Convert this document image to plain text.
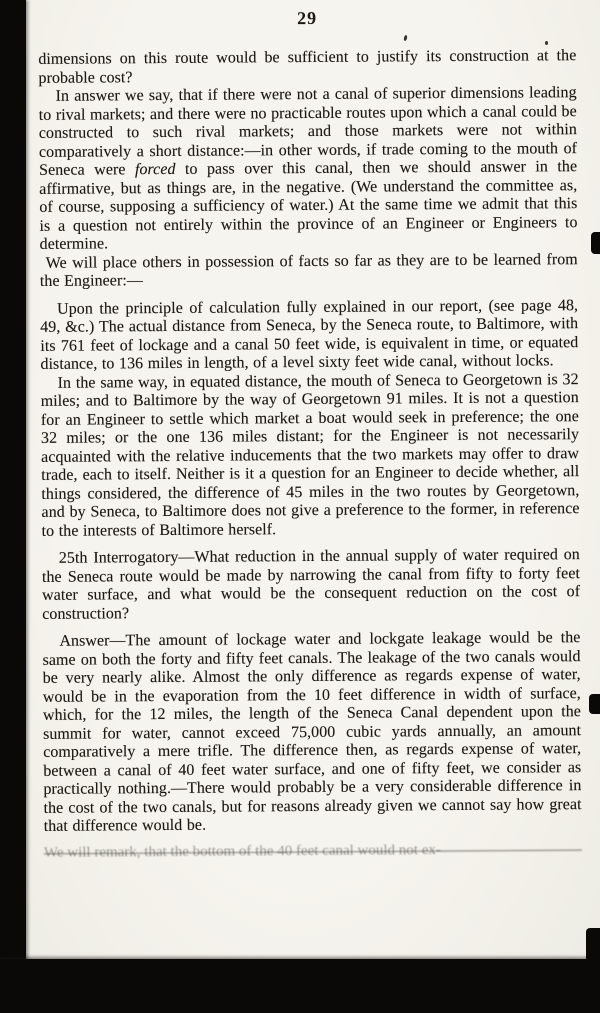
29

dimensions on this route would be sufficient to justify its construction at the probable cost?

In answer we say, that if there were not a canal of superior dimensions leading to rival markets; and there were no practicable routes upon which a canal could be constructed to such rival markets; and those markets were not within comparatively a short distance:—in other words, if trade coming to the mouth of Seneca were forced to pass over this canal, then we should answer in the affirmative, but as things are, in the negative. (We understand the committee as, of course, supposing a sufficiency of water.) At the same time we admit that this is a question not entirely within the province of an Engineer or Engineers to determine.

We will place others in possession of facts so far as they are to be learned from the Engineer:—

Upon the principle of calculation fully explained in our report, (see page 48, 49, &c.) The actual distance from Seneca, by the Seneca route, to Baltimore, with its 761 feet of lockage and a canal 50 feet wide, is equivalent in time, or equated distance, to 136 miles in length, of a level sixty feet wide canal, without locks.

In the same way, in equated distance, the mouth of Seneca to Georgetown is 32 miles; and to Baltimore by the way of Georgetown 91 miles. It is not a question for an Engineer to settle which market a boat would seek in preference; the one 32 miles; or the one 136 miles distant; for the Engineer is not necessarily acquainted with the relative inducements that the two markets may offer to draw trade, each to itself. Neither is it a question for an Engineer to decide whether, all things considered, the difference of 45 miles in the two routes by Georgetown, and by Seneca, to Baltimore does not give a preference to the former, in reference to the interests of Baltimore herself.

25th Interrogatory—What reduction in the annual supply of water required on the Seneca route would be made by narrowing the canal from fifty to forty feet water surface, and what would be the consequent reduction on the cost of construction?

Answer—The amount of lockage water and lockgate leakage would be the same on both the forty and fifty feet canals. The leakage of the two canals would be very nearly alike. Almost the only difference as regards expense of water, would be in the evaporation from the 10 feet difference in width of surface, which, for the 12 miles, the length of the Seneca Canal dependent upon the summit for water, cannot exceed 75,000 cubic yards annually, an amount comparatively a mere trifle. The difference then, as regards expense of water, between a canal of 40 feet water surface, and one of fifty feet, we consider as practically nothing.—There would probably be a very considerable difference in the cost of the two canals, but for reasons already given we cannot say how great that difference would be.

We will remark, that the bottom of the 40 feet canal would not ex-
